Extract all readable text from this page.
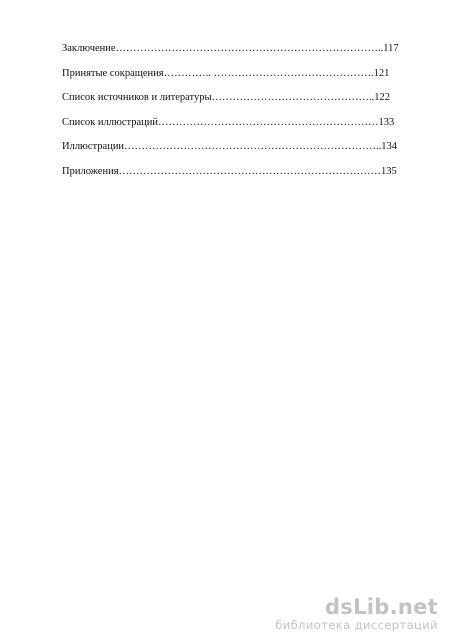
Заключение…………………………………………………………………..117
Принятые сокращения………….. ……………………………………….121
Список источников и литературы………………………………………..122
Список иллюстраций………………………………………………………133
Иллюстрации………………………………………………………………..134
Приложения…………………………………………………………………135
dsLib.net
библиотека диссертаций
